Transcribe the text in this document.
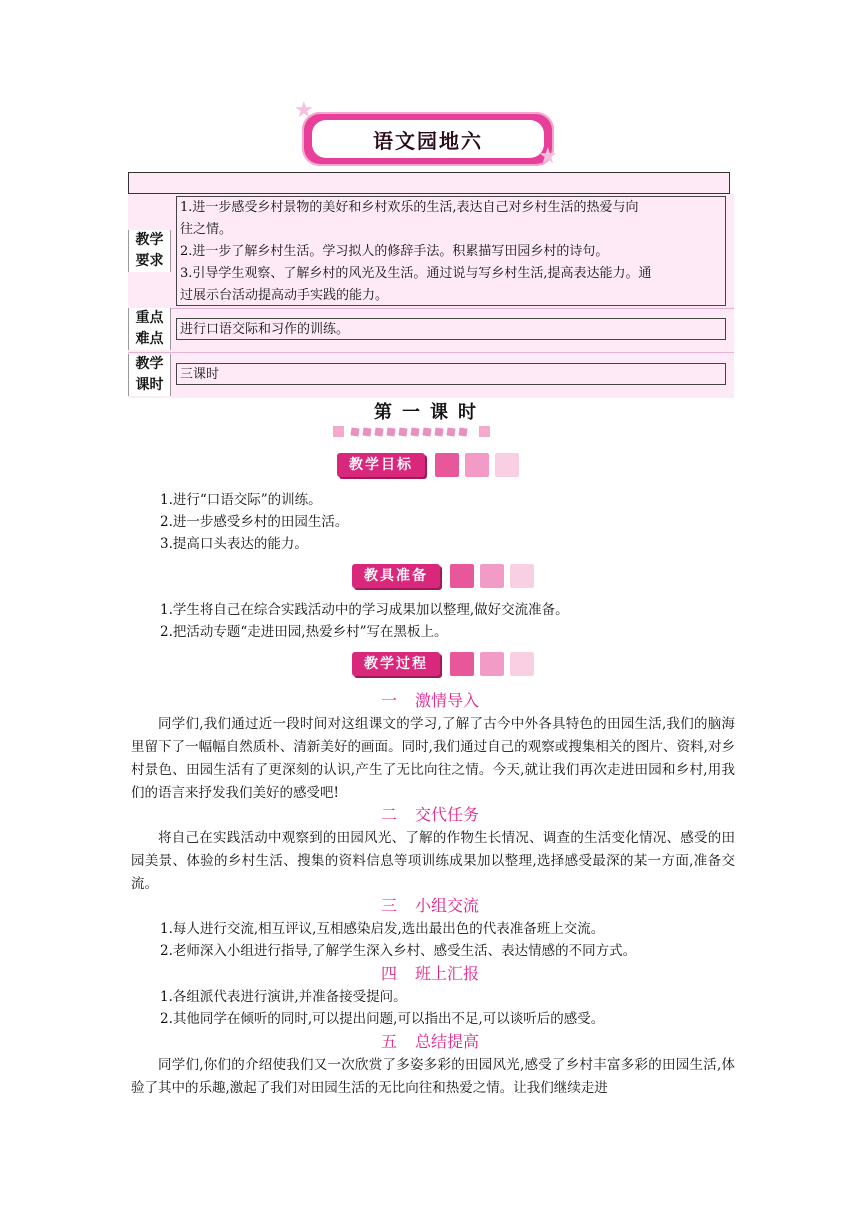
语文园地六
★
★
教学
要求
1.进一步感受乡村景物的美好和乡村欢乐的生活,表达自己对乡村生活的热爱与向
往之情。
2.进一步了解乡村生活。学习拟人的修辞手法。积累描写田园乡村的诗句。
3.引导学生观察、了解乡村的风光及生活。通过说与写乡村生活,提高表达能力。通
过展示台活动提高动手实践的能力。
重点
难点
进行口语交际和习作的训练。
教学
课时
三课时
第一课时
教学目标
1.进行“口语交际”的训练。
2.进一步感受乡村的田园生活。
3.提高口头表达的能力。
教具准备
1.学生将自己在综合实践活动中的学习成果加以整理,做好交流准备。
2.把活动专题“走进田园,热爱乡村”写在黑板上。
教学过程
一 激情导入
同学们,我们通过近一段时间对这组课文的学习,了解了古今中外各具特色的田园生活,我们的脑海里留下了一幅幅自然质朴、清新美好的画面。同时,我们通过自己的观察或搜集相关的图片、资料,对乡村景色、田园生活有了更深刻的认识,产生了无比向往之情。今天,就让我们再次走进田园和乡村,用我们的语言来抒发我们美好的感受吧!
二 交代任务
将自己在实践活动中观察到的田园风光、了解的作物生长情况、调查的生活变化情况、感受的田园美景、体验的乡村生活、搜集的资料信息等项训练成果加以整理,选择感受最深的某一方面,准备交流。
三 小组交流
1.每人进行交流,相互评议,互相感染启发,选出最出色的代表准备班上交流。
2.老师深入小组进行指导,了解学生深入乡村、感受生活、表达情感的不同方式。
四 班上汇报
1.各组派代表进行演讲,并准备接受提问。
2.其他同学在倾听的同时,可以提出问题,可以指出不足,可以谈听后的感受。
五 总结提高
同学们,你们的介绍使我们又一次欣赏了多姿多彩的田园风光,感受了乡村丰富多彩的田园生活,体验了其中的乐趣,激起了我们对田园生活的无比向往和热爱之情。让我们继续走进
